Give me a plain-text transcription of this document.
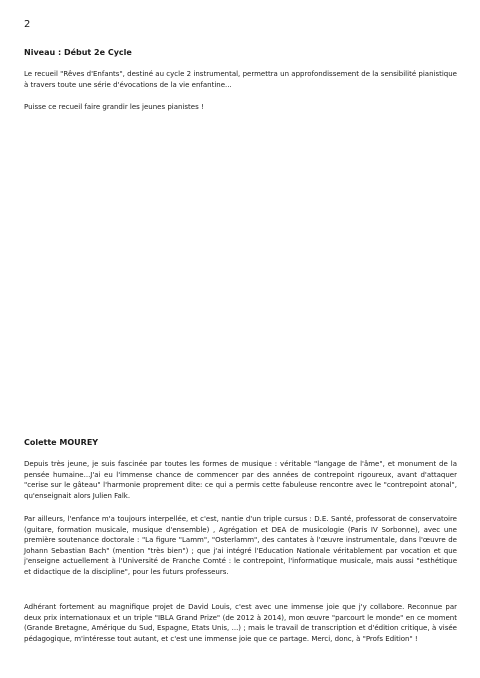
2
Niveau : Début 2e Cycle

Le recueil "Rêves d'Enfants", destiné au cycle 2 instrumental, permettra un approfondissement de la sensibilité pianistique à travers toute une série d'évocations de la vie enfantine...

Puisse ce recueil faire grandir les jeunes pianistes !

Colette MOUREY

Depuis très jeune, je suis fascinée par toutes les formes de musique : véritable "langage de l'âme", et monument de la pensée humaine...J'ai eu l'immense chance de commencer par des années de contrepoint rigoureux, avant d'attaquer "cerise sur le gâteau" l'harmonie proprement dite: ce qui a permis cette fabuleuse rencontre avec le "contrepoint atonal", qu'enseignait alors Julien Falk.

Par ailleurs, l'enfance m'a toujours interpellée, et c'est, nantie d'un triple cursus : D.E. Santé, professorat de conservatoire (guitare, formation musicale, musique d'ensemble) , Agrégation et DEA de musicologie (Paris IV Sorbonne), avec une première soutenance doctorale : "La figure "Lamm", "Osterlamm", des cantates à l'œuvre instrumentale, dans l'œuvre de Johann Sebastian Bach" (mention "très bien") ; que j'ai intégré l'Education Nationale véritablement par vocation et que j'enseigne actuellement à l'Université de Franche Comté : le contrepoint, l'informatique musicale, mais aussi "esthétique et didactique de la discipline", pour les futurs professeurs.

Adhérant fortement au magnifique projet de David Louis, c'est avec une immense joie que j'y collabore. Reconnue par deux prix internationaux et un triple "IBLA Grand Prize" (de 2012 à 2014), mon œuvre "parcourt le monde" en ce moment (Grande Bretagne, Amérique du Sud, Espagne, Etats Unis, ...) ; mais le travail de transcription et d'édition critique, à visée pédagogique, m'intéresse tout autant, et c'est une immense joie que ce partage. Merci, donc, à "Profs Edition" !
